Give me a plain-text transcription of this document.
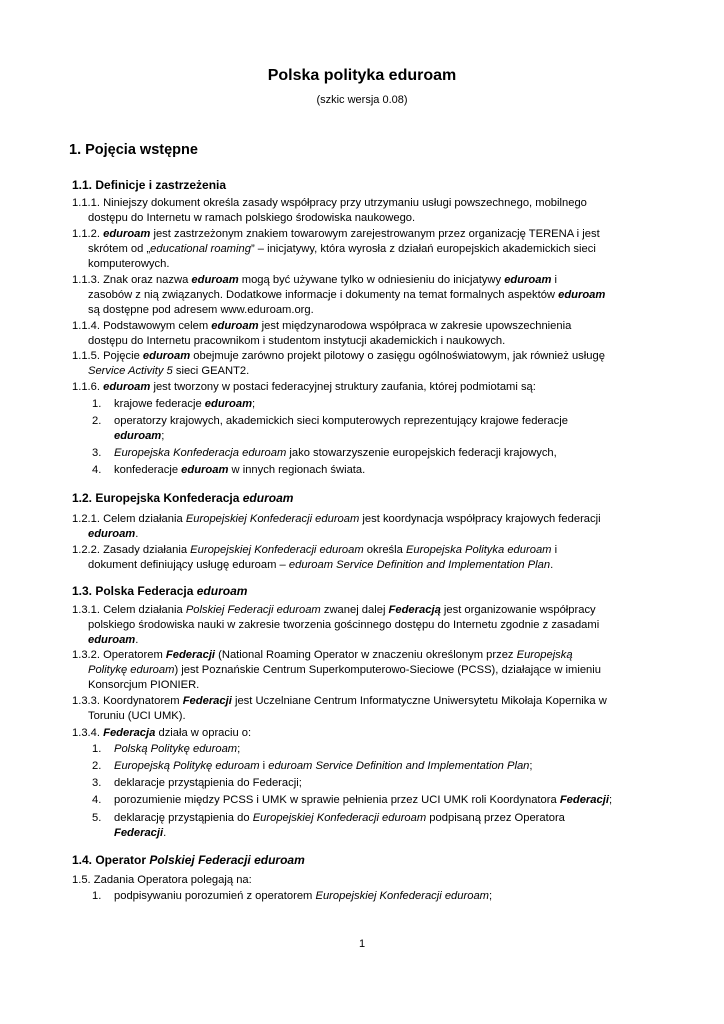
Polska polityka eduroam
(szkic wersja 0.08)
1. Pojęcia wstępne
1.1. Definicje i zastrzeżenia
1.1.1. Niniejszy dokument określa zasady współpracy przy utrzymaniu usługi powszechnego, mobilnego
dostępu do Internetu w ramach polskiego środowiska naukowego.
1.1.2. eduroam jest zastrzeżonym znakiem towarowym zarejestrowanym przez organizację TERENA i jest
skrótem od „educational roaming” – inicjatywy, która wyrosła z działań europejskich akademickich sieci
komputerowych.
1.1.3. Znak oraz nazwa eduroam mogą być używane tylko w odniesieniu do inicjatywy eduroam i
zasobów z nią związanych. Dodatkowe informacje i dokumenty na temat formalnych aspektów eduroam
są dostępne pod adresem www.eduroam.org.
1.1.4. Podstawowym celem eduroam jest międzynarodowa współpraca w zakresie upowszechnienia
dostępu do Internetu pracownikom i studentom instytucji akademickich i naukowych.
1.1.5. Pojęcie eduroam obejmuje zarówno projekt pilotowy o zasięgu ogólnoświatowym, jak również usługę
Service Activity 5 sieci GEANT2.
1.1.6. eduroam jest tworzony w postaci federacyjnej struktury zaufania, której podmiotami są:
1. krajowe federacje eduroam;
2. operatorzy krajowych, akademickich sieci komputerowych reprezentujący krajowe federacje
eduroam;
3. Europejska Konfederacja eduroam jako stowarzyszenie europejskich federacji krajowych,
4. konfederacje eduroam w innych regionach świata.
1.2. Europejska Konfederacja eduroam
1.2.1. Celem działania Europejskiej Konfederacji eduroam jest koordynacja współpracy krajowych federacji
eduroam.
1.2.2. Zasady działania Europejskiej Konfederacji eduroam określa Europejska Polityka eduroam i
dokument definiujący usługę eduroam – eduroam Service Definition and Implementation Plan.
1.3. Polska Federacja eduroam
1.3.1. Celem działania Polskiej Federacji eduroam zwanej dalej Federacją jest organizowanie współpracy
polskiego środowiska nauki w zakresie tworzenia gościnnego dostępu do Internetu zgodnie z zasadami
eduroam.
1.3.2. Operatorem Federacji (National Roaming Operator w znaczeniu określonym przez Europejską
Politykę eduroam) jest Poznańskie Centrum Superkomputerowo-Sieciowe (PCSS), działające w imieniu
Konsorcjum PIONIER.
1.3.3. Koordynatorem Federacji jest Uczelniane Centrum Informatyczne Uniwersytetu Mikołaja Kopernika w
Toruniu (UCI UMK).
1.3.4. Federacja działa w opraciu o:
1. Polską Politykę eduroam;
2. Europejską Politykę eduroam i eduroam Service Definition and Implementation Plan;
3. deklaracje przystąpienia do Federacji;
4. porozumienie między PCSS i UMK w sprawie pełnienia przez UCI UMK roli Koordynatora Federacji;
5. deklarację przystąpienia do Europejskiej Konfederacji eduroam podpisaną przez Operatora
Federacji.
1.4. Operator Polskiej Federacji eduroam
1.5. Zadania Operatora polegają na:
1. podpisywaniu porozumień z operatorem Europejskiej Konfederacji eduroam;
1
